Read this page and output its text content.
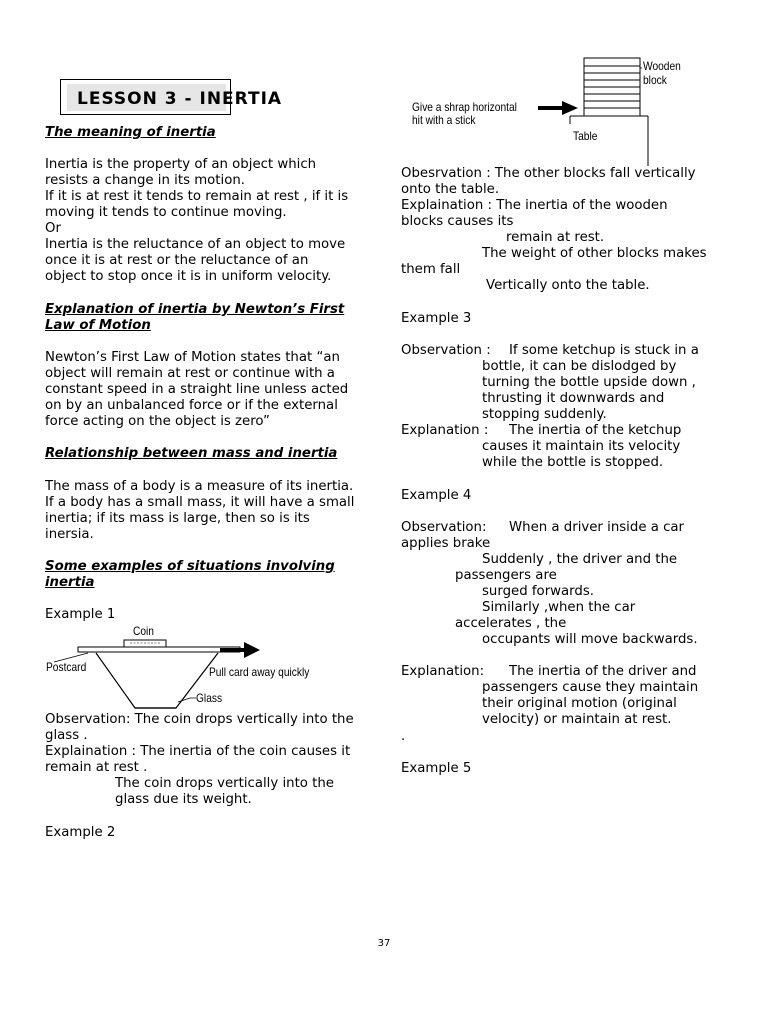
LESSON 3 - INERTIA
The meaning of inertia
Inertia is the property of an object which
resists a change in its motion.
If it is at rest it tends to remain at rest , if it is
moving it tends to continue moving.
Or
Inertia is the reluctance of an object to move
once it is at rest or the reluctance of an
object to stop once it is in uniform velocity.
Explanation of inertia by Newton’s First
Law of Motion
Newton’s First Law of Motion states that “an
object will remain at rest or continue with a
constant speed in a straight line unless acted
on by an unbalanced force or if the external
force acting on the object is zero”
Relationship between mass and inertia
The mass of a body is a measure of its inertia.
If a body has a small mass, it will have a small
inertia; if its mass is large, then so is its
inersia.
Some examples of situations involving
inertia
Example 1
Observation: The coin drops vertically into the
glass .
Explaination : The inertia of the coin causes it
remain at rest .
The coin drops vertically into the
glass due its weight.
Example 2
Coin
Postcard	Pull card away quickly
Glass
Wooden
block
Give a shrap horizontal
hit with a stick
Table
Obesrvation : The other blocks fall vertically
onto the table.
Explaination : The inertia of the wooden
blocks causes its
remain at rest.
The weight of other blocks makes
them fall
Vertically onto the table.
Example 3
Observation : If some ketchup is stuck in a
bottle, it can be dislodged by
turning the bottle upside down ,
thrusting it downwards and
stopping suddenly.
Explanation : The inertia of the ketchup
causes it maintain its velocity
while the bottle is stopped.
Example 4
Observation: When a driver inside a car
applies brake
Suddenly , the driver and the
passengers are
surged forwards.
Similarly ,when the car
accelerates , the
occupants will move backwards.
Explanation: The inertia of the driver and
passengers cause they maintain
their original motion (original
velocity) or maintain at rest.
.
Example 5
37
